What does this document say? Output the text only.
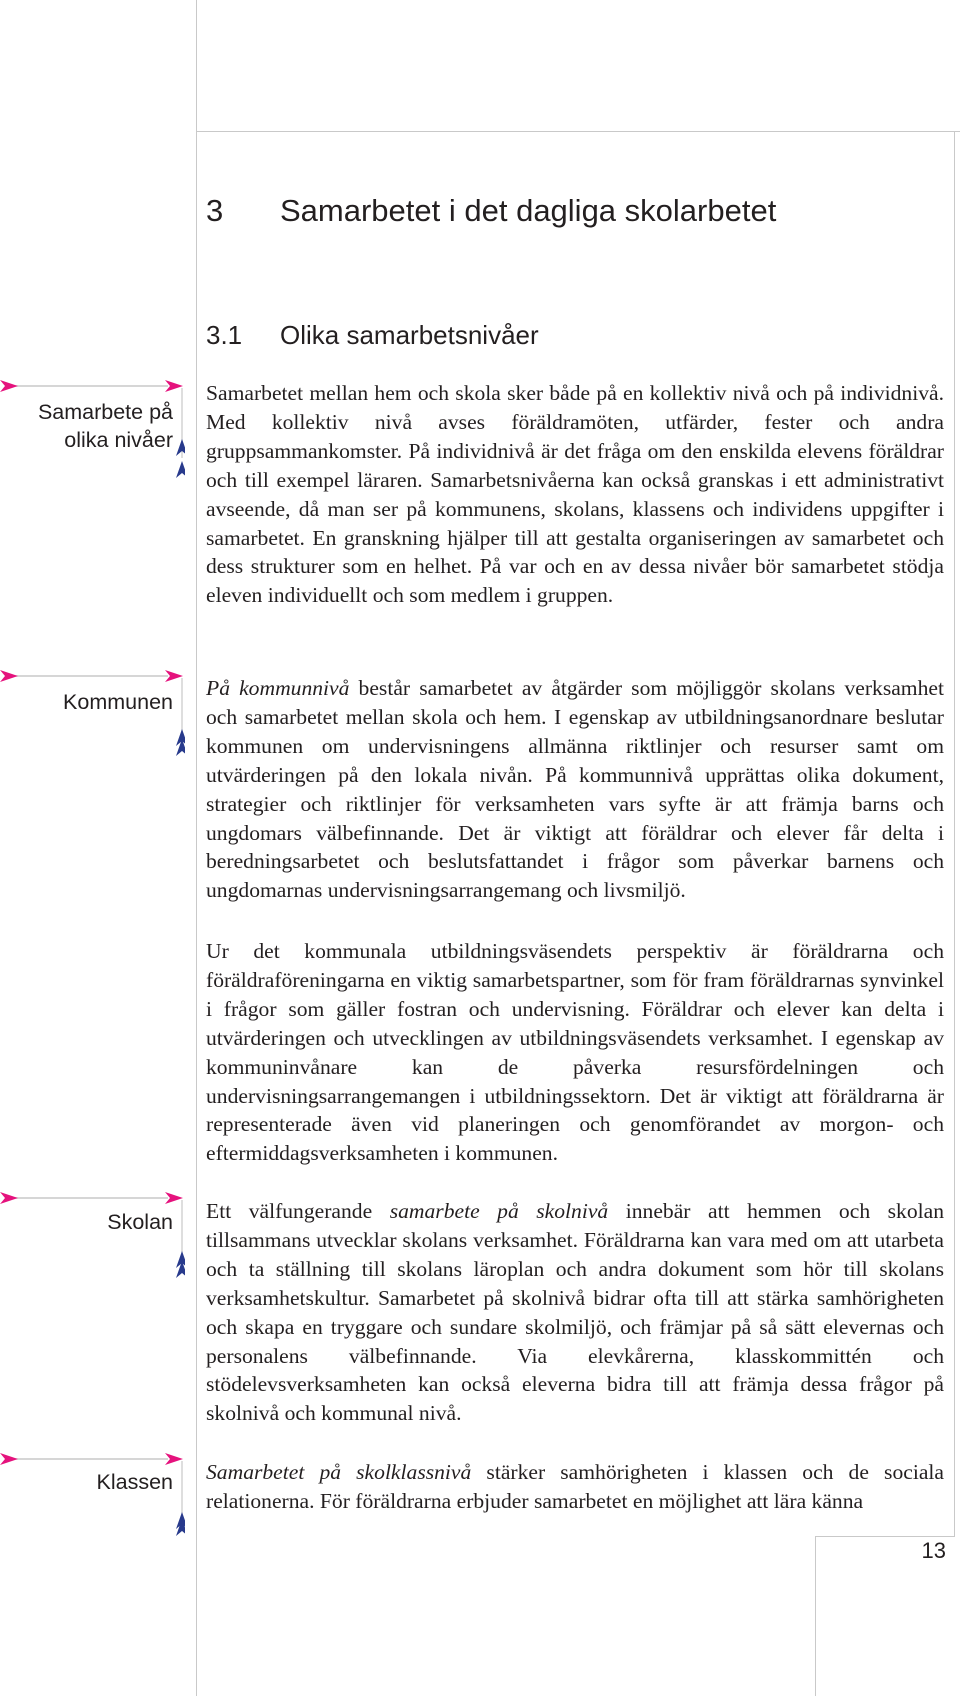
3 Samarbetet i det dagliga skolarbetet
3.1 Olika samarbetsnivåer
Samarbete på
olika nivåer
Kommunen
Skolan
Klassen

Samarbetet mellan hem och skola sker både på en kollektiv nivå och på individnivå. Med kollektiv nivå avses föräldramöten, utfärder, fester och andra gruppsammankomster. På individnivå är det fråga om den enskilda elevens föräldrar och till exempel läraren. Samarbetsnivåerna kan också granskas i ett administrativt avseende, då man ser på kommunens, skolans, klassens och individens uppgifter i samarbetet. En granskning hjälper till att gestalta organiseringen av samarbetet och dess strukturer som en helhet. På var och en av dessa nivåer bör samarbetet stödja eleven individuellt och som medlem i gruppen.

På kommunnivå består samarbetet av åtgärder som möjliggör skolans verksamhet och samarbetet mellan skola och hem. I egenskap av utbildningsanordnare beslutar kommunen om undervisningens allmänna riktlinjer och resurser samt om utvärderingen på den lokala nivån. På kommunnivå upprättas olika dokument, strategier och riktlinjer för verksamheten vars syfte är att främja barns och ungdomars välbefinnande. Det är viktigt att föräldrar och elever får delta i beredningsarbetet och beslutsfattandet i frågor som påverkar barnens och ungdomarnas undervisningsarrangemang och livsmiljö.

Ur det kommunala utbildningsväsendets perspektiv är föräldrarna och föräldraföreningarna en viktig samarbetspartner, som för fram föräldrarnas synvinkel i frågor som gäller fostran och undervisning. Föräldrar och elever kan delta i utvärderingen och utvecklingen av utbildningsväsendets verksamhet. I egenskap av kommuninvånare kan de påverka resursfördelningen och undervisningsarrangemangen i utbildningssektorn. Det är viktigt att föräldrarna är representerade även vid planeringen och genomförandet av morgon- och eftermiddagsverksamheten i kommunen.

Ett välfungerande samarbete på skolnivå innebär att hemmen och skolan tillsammans utvecklar skolans verksamhet. Föräldrarna kan vara med om att utarbeta och ta ställning till skolans läroplan och andra dokument som hör till skolans verksamhetskultur. Samarbetet på skolnivå bidrar ofta till att stärka samhörigheten och skapa en tryggare och sundare skolmiljö, och främjar på så sätt elevernas och personalens välbefinnande. Via elevkårerna, klasskommittén och stödelevsverksamheten kan också eleverna bidra till att främja dessa frågor på skolnivå och kommunal nivå.

Samarbetet på skolklassnivå stärker samhörigheten i klassen och de sociala relationerna. För föräldrarna erbjuder samarbetet en möjlighet att lära känna

13
